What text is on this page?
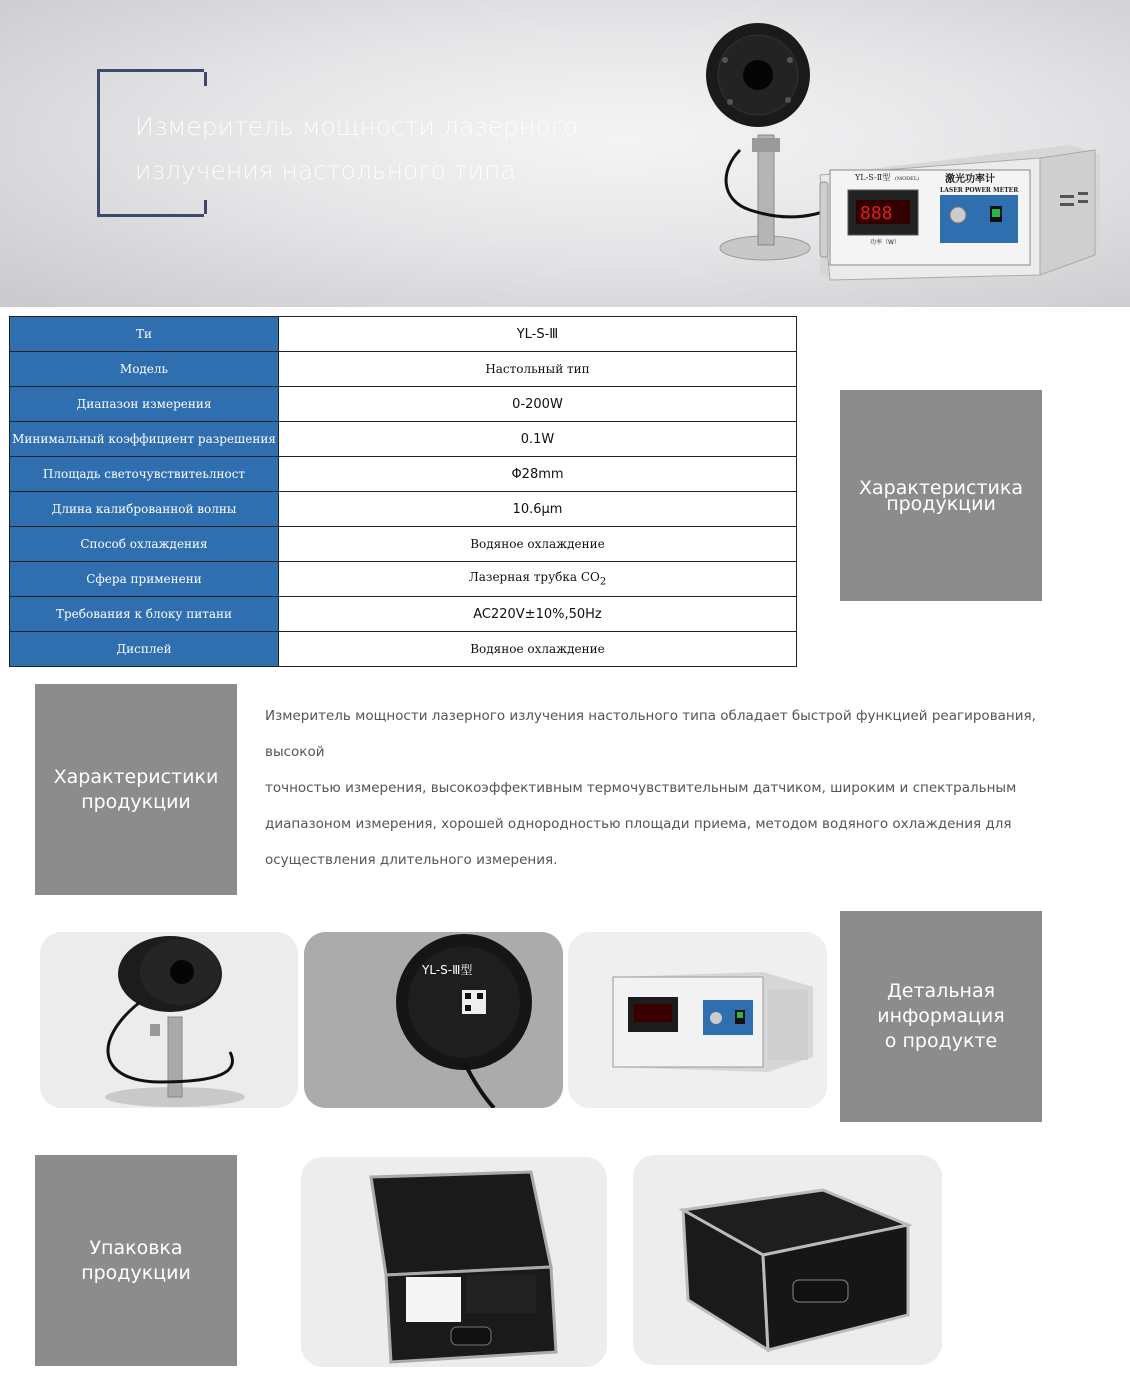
Измеритель мощности лазерного
излучения настольного типа	YL-S-Ⅱ型 (MODEL)	激光功率计
LASER POWER METER
888
功率（W）
Ти	YL-S-Ⅲ
Модель	Настольный тип
Диапазон измерения	0-200W
Минимальный коэффициент разрешения	0.1W
Площадь светочувствитеьлност	Φ28mm
Длина калиброванной волны	10.6μm
Способ охлаждения	Водяное охлаждение
Сфера применени	Лазерная трубка $CO_2$
Требования к блоку питани	AC220V±10%,50Hz
Дисплей	Водяное охлаждение
Характеристика
продукции
Характеристики
продукции
Измеритель мощности лазерного излучения настольного типа обладает быстрой функцией реагирования, высокой
точностью измерения, высокоэффективным термочувствительным датчиком, широким и спектральным
диапазоном измерения, хорошей однородностью площади приема, методом водяного охлаждения для
осуществления длительного измерения.
YL-S-Ⅲ型
Детальная
информация
о продукте
Упаковка
продукции
